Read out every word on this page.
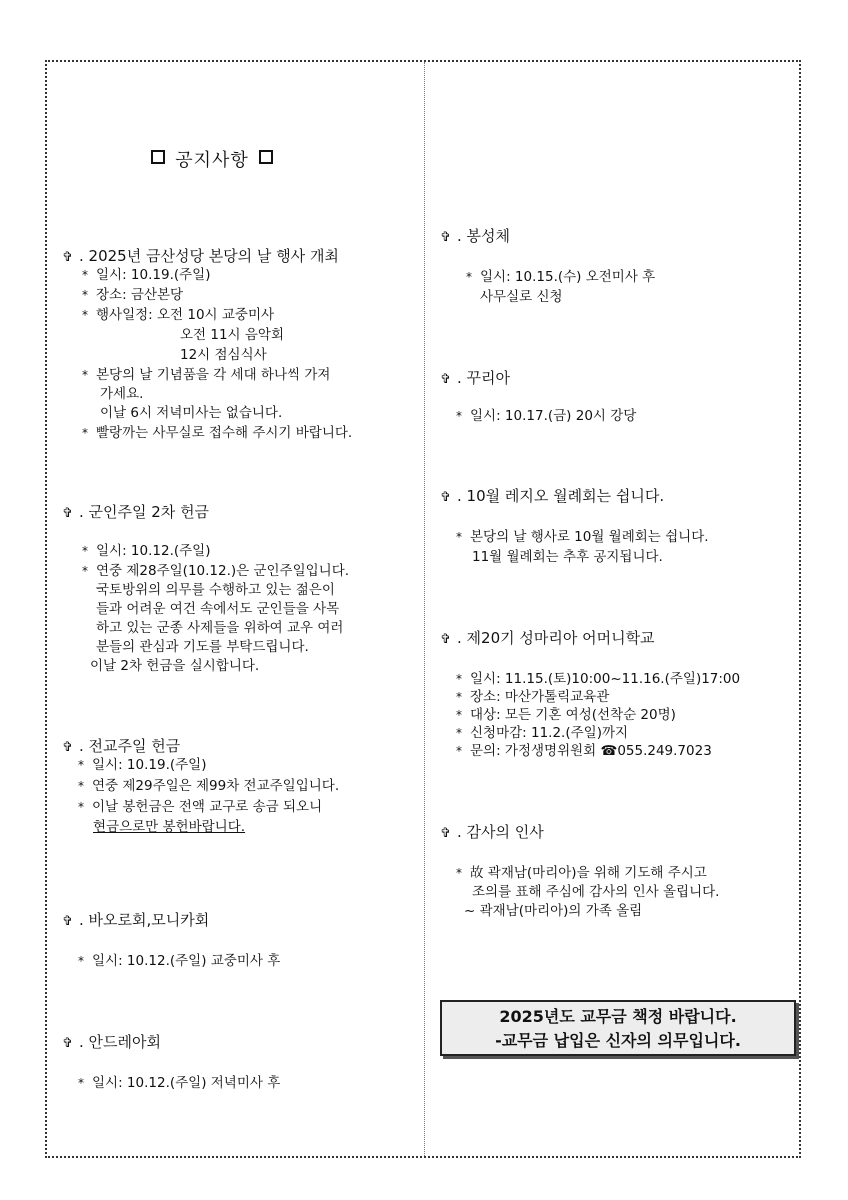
공지사항
✞ . 2025년 금산성당 본당의 날 행사 개최
* 일시: 10.19.(주일)
* 장소: 금산본당
* 행사일정: 오전 10시 교중미사
오전 11시 음악회
12시 점심식사
* 본당의 날 기념품을 각 세대 하나씩 가져
가세요.
이날 6시 저녁미사는 없습니다.
* 빨랑까는 사무실로 접수해 주시기 바랍니다.
✞ . 군인주일 2차 헌금
* 일시: 10.12.(주일)
* 연중 제28주일(10.12.)은 군인주일입니다.
국토방위의 의무를 수행하고 있는 젊은이
들과 어려운 여건 속에서도 군인들을 사목
하고 있는 군종 사제들을 위하여 교우 여러
분들의 관심과 기도를 부탁드립니다.
이날 2차 헌금을 실시합니다.
✞ . 전교주일 헌금
* 일시: 10.19.(주일)
* 연중 제29주일은 제99차 전교주일입니다.
* 이날 봉헌금은 전액 교구로 송금 되오니
현금으로만 봉헌바랍니다.
✞ . 바오로회,모니카회
* 일시: 10.12.(주일) 교중미사 후
✞ . 안드레아회
* 일시: 10.12.(주일) 저녁미사 후
✞ . 봉성체
* 일시: 10.15.(수) 오전미사 후
사무실로 신청
✞ . 꾸리아
* 일시: 10.17.(금) 20시 강당
✞ . 10월 레지오 월례회는 쉽니다.
* 본당의 날 행사로 10월 월례회는 쉽니다.
11월 월례회는 추후 공지됩니다.
✞ . 제20기 성마리아 어머니학교
* 일시: 11.15.(토)10:00~11.16.(주일)17:00
* 장소: 마산가톨릭교육관
* 대상: 모든 기혼 여성(선착순 20명)
* 신청마감: 11.2.(주일)까지
* 문의: 가정생명위원회 ☎055.249.7023
✞ . 감사의 인사
* 故 곽재남(마리아)을 위해 기도해 주시고
조의를 표해 주심에 감사의 인사 올립니다.
~ 곽재남(마리아)의 가족 올림
2025년도 교무금 책정 바랍니다.
-교무금 납입은 신자의 의무입니다.
